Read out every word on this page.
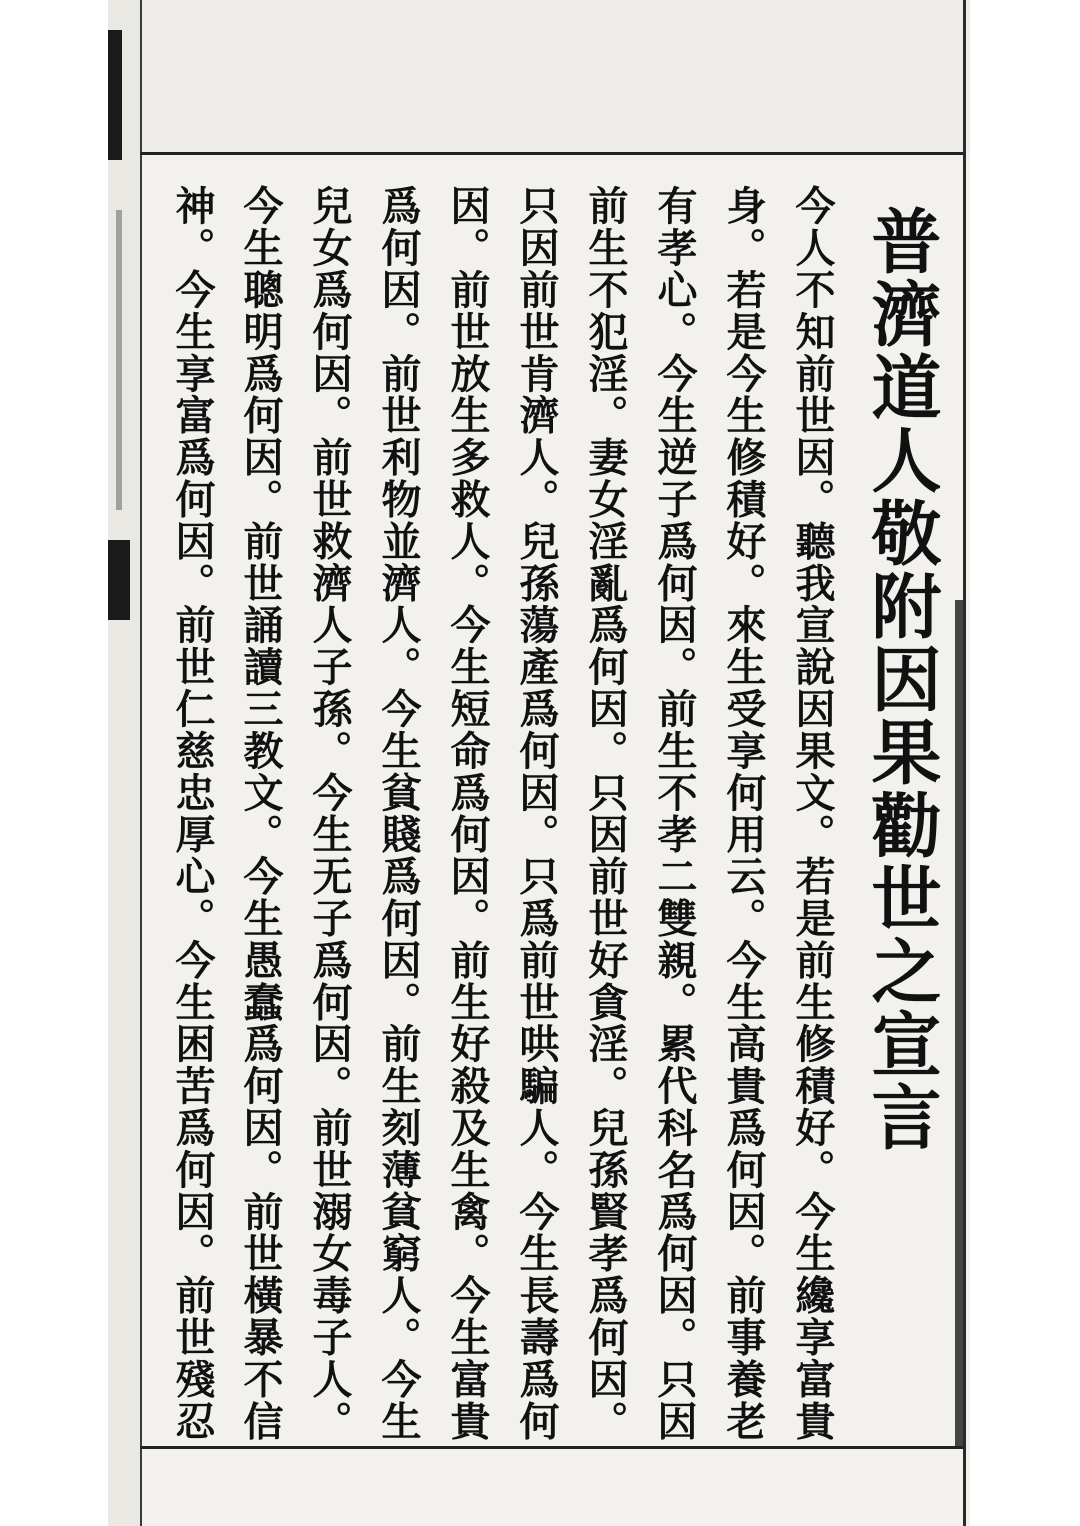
普濟道人敬附因果勸世之宣言
今人不知前世因。聽我宣說因果文。若是前生修積好。今生纔享富貴
身。若是今生修積好。來生受享何用云。今生高貴爲何因。前事養老
有孝心。今生逆子爲何因。前生不孝二雙親。累代科名爲何因。只因
前生不犯淫。妻女淫亂爲何因。只因前世好貪淫。兒孫賢孝爲何因。
只因前世肯濟人。兒孫蕩產爲何因。只爲前世哄騙人。今生長壽爲何
因。前世放生多救人。今生短命爲何因。前生好殺及生禽。今生富貴
爲何因。前世利物並濟人。今生貧賤爲何因。前生刻薄貧窮人。今生
兒女爲何因。前世救濟人子孫。今生无子爲何因。前世溺女毒子人。
今生聰明爲何因。前世誦讀三教文。今生愚蠢爲何因。前世橫暴不信
神。今生享富爲何因。前世仁慈忠厚心。今生困苦爲何因。前世殘忍
